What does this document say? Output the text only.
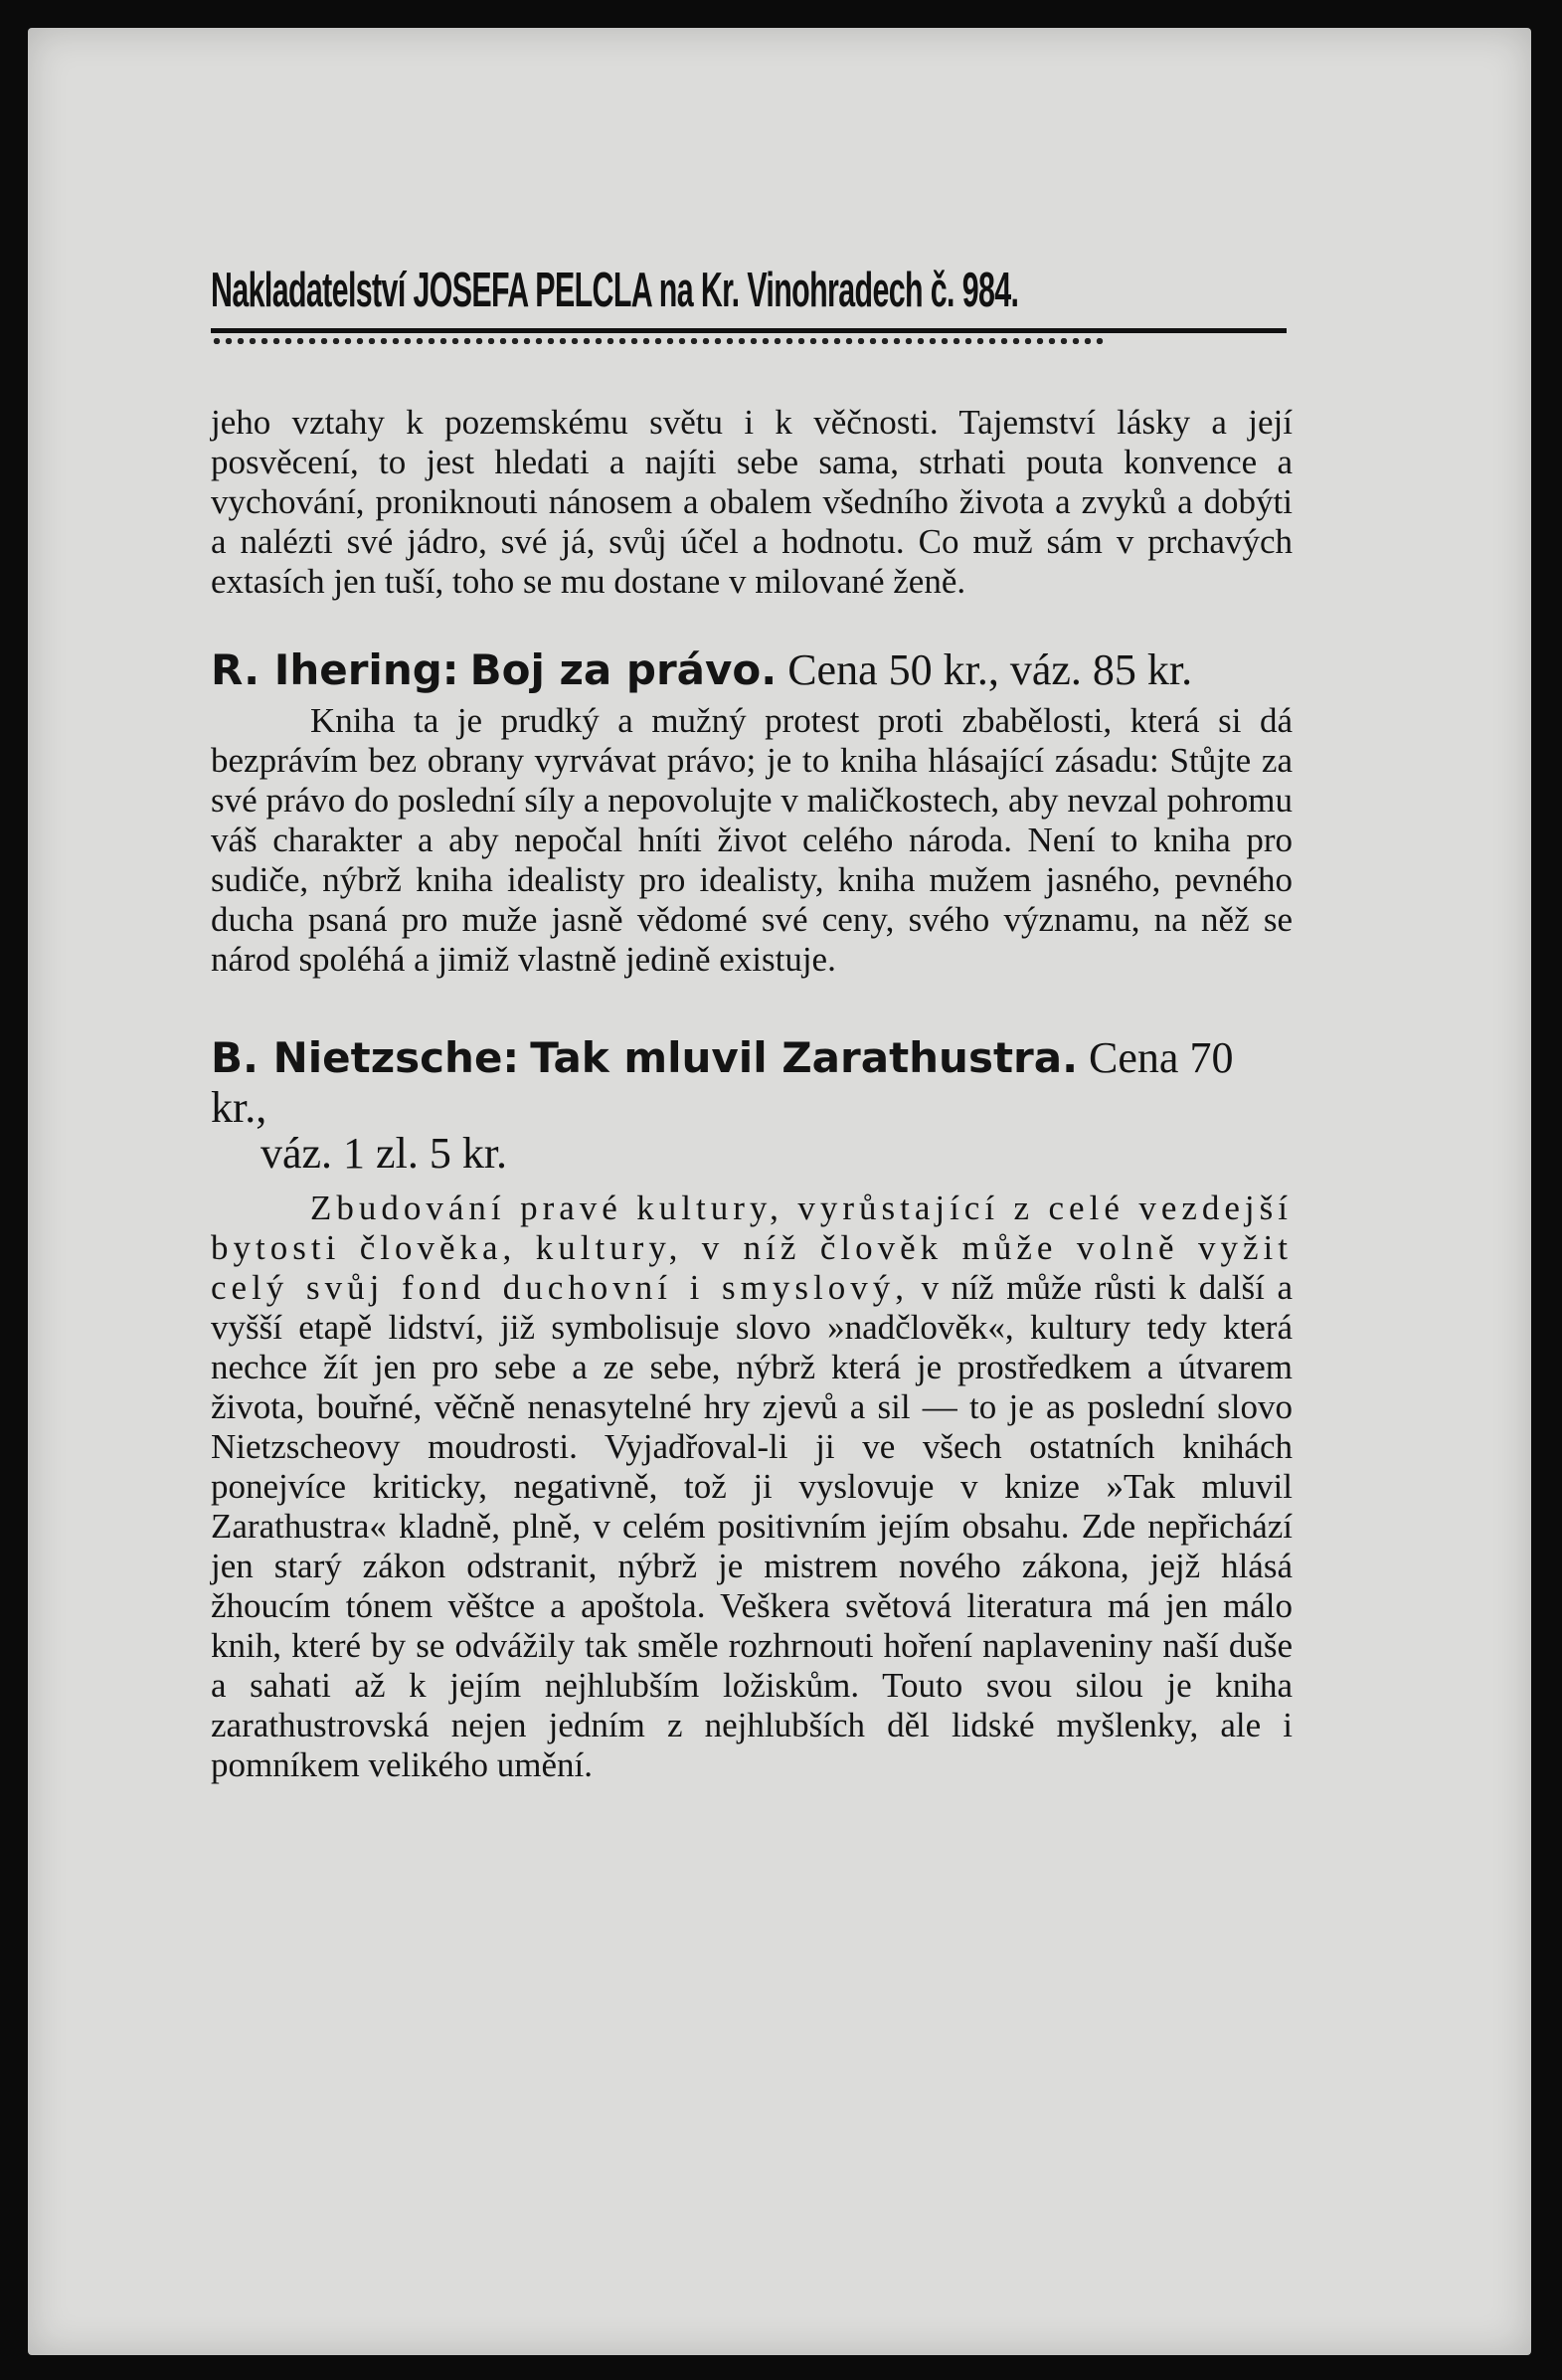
Nakladatelství JOSEFA PELCLA na Kr. Vinohradech č. 984.

jeho vztahy k pozemskému světu i k věčnosti. Tajemství lásky a její posvěcení, to jest hledati a najíti sebe sama, strhati pouta konvence a vychování, proniknouti nánosem a obalem všedního života a zvyků a dobýti a nalézti své jádro, své já, svůj účel a hodnotu. Co muž sám v prchavých extasích jen tuší, toho se mu dostane v milované ženě.

R. Ihering: Boj za právo. Cena 50 kr., váz. 85 kr.

Kniha ta je prudký a mužný protest proti zbabělosti, která si dá bezprávím bez obrany vyrvávat právo; je to kniha hlásající zásadu: Stůjte za své právo do poslední síly a nepovolujte v maličkostech, aby nevzal pohromu váš charakter a aby nepočal hníti život celého národa. Není to kniha pro sudiče, nýbrž kniha idealisty pro idealisty, kniha mužem jasného, pevného ducha psaná pro muže jasně vědomé své ceny, svého významu, na něž se národ spoléhá a jimiž vlastně jedině existuje.

B. Nietzsche: Tak mluvil Zarathustra. Cena 70 kr.,
váz. 1 zl. 5 kr.

Zbudování pravé kultury, vyrůstající z celé vezdejší bytosti člověka, kultury, v níž člověk může volně vyžit celý svůj fond duchovní i smyslový, v níž může růsti k další a vyšší etapě lidství, již symbolisuje slovo »nadčlověk«, kultury tedy která nechce žít jen pro sebe a ze sebe, nýbrž která je prostředkem a útvarem života, bouřné, věčně nenasytelné hry zjevů a sil — to je as poslední slovo Nietzscheovy moudrosti. Vyjadřoval-li ji ve všech ostatních knihách ponejvíce kriticky, negativně, tož ji vyslovuje v knize »Tak mluvil Zarathustra« kladně, plně, v celém positivním jejím obsahu. Zde nepřichází jen starý zákon odstranit, nýbrž je mistrem nového zákona, jejž hlásá žhoucím tónem věštce a apoštola. Veškera světová literatura má jen málo knih, které by se odvážily tak směle rozhrnouti hoření naplaveniny naší duše a sahati až k jejím nejhlubším ložiskům. Touto svou silou je kniha zarathustrovská nejen jedním z nejhlubších děl lidské myšlenky, ale i pomníkem velikého umění.
